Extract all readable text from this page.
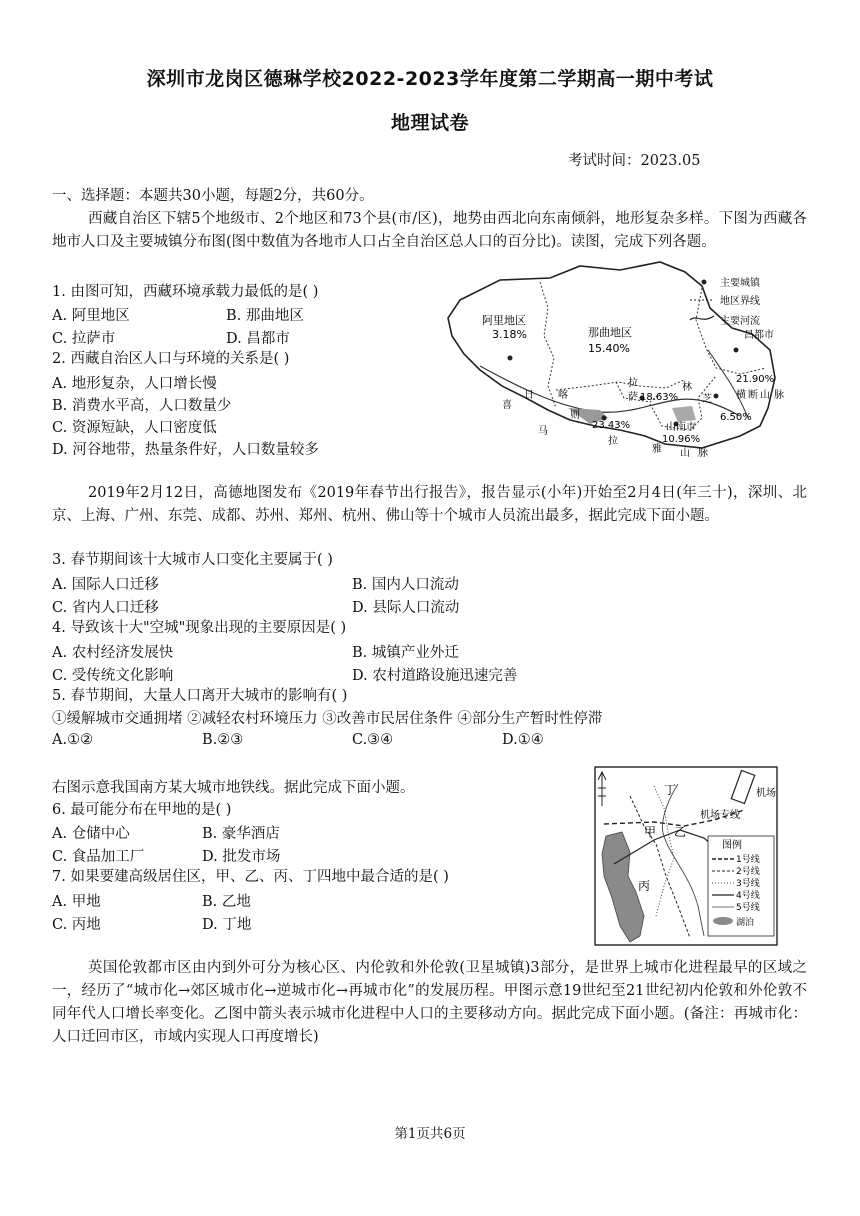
深圳市龙岗区德琳学校2022-2023学年度第二学期高一期中考试
地理试卷
考试时间：2023.05
一、选择题：本题共30小题，每题2分，共60分。

西藏自治区下辖5个地级市、2个地区和73个县(市/区)，地势由西北向东南倾斜，地形复杂多样。下图为西藏各地市人口及主要城镇分布图(图中数值为各地市人口占全自治区总人口的百分比)。读图，完成下列各题。

1. 由图可知，西藏环境承载力最低的是( )
A. 阿里地区	B. 那曲地区
C. 拉萨市	D. 昌都市
2. 西藏自治区人口与环境的关系是( )
A. 地形复杂，人口增长慢
B. 消费水平高，人口数量少
C. 资源短缺，人口密度低
D. 河谷地带，热量条件好，人口数量较多
主要城镇
地区界线
主要河流
阿里地区
3.18%	那曲地区
15.40%
昌都市
21.90%
18.63%
23.43%	山南市
10.96%
6.50%
拉
萨
喜
日 喀
则
马
拉
雅 山 脉
芝
林
横 断 山 脉

2019年2月12日，高德地图发布《2019年春节出行报告》，报告显示(小年)开始至2月4日(年三十)，深圳、北京、上海、广州、东莞、成都、苏州、郑州、杭州、佛山等十个城市人员流出最多，据此完成下面小题。

3. 春节期间该十大城市人口变化主要属于( )
A. 国际人口迁移	B. 国内人口流动
C. 省内人口迁移	D. 县际人口流动
4. 导致该十大"空城"现象出现的主要原因是( )
A. 农村经济发展快	B. 城镇产业外迁
C. 受传统文化影响	D. 农村道路设施迅速完善
5. 春节期间，大量人口离开大城市的影响有( )
①缓解城市交通拥堵 ②减轻农村环境压力 ③改善市民居住条件 ④部分生产暂时性停滞
A.①②	B.②③	C.③④	D.①④
右图示意我国南方某大城市地铁线。据此完成下面小题。
6. 最可能分布在甲地的是( )
A. 仓储中心	B. 豪华酒店
C. 食品加工厂	D. 批发市场
7. 如果要建高级居住区，甲、乙、丙、丁四地中最合适的是( )
A. 甲地	B. 乙地
C. 丙地	D. 丁地
机场
机场专线
丁
甲 乙
丙
图例
1号线
2号线
3号线
4号线
5号线
湖泊

英国伦敦都市区由内到外可分为核心区、内伦敦和外伦敦(卫星城镇)3部分，是世界上城市化进程最早的区域之一，经历了“城市化→郊区城市化→逆城市化→再城市化”的发展历程。甲图示意19世纪至21世纪初内伦敦和外伦敦不同年代人口增长率变化。乙图中箭头表示城市化进程中人口的主要移动方向。据此完成下面小题。(备注：再城市化：人口迁回市区，市域内实现人口再度增长)

第1页共6页
